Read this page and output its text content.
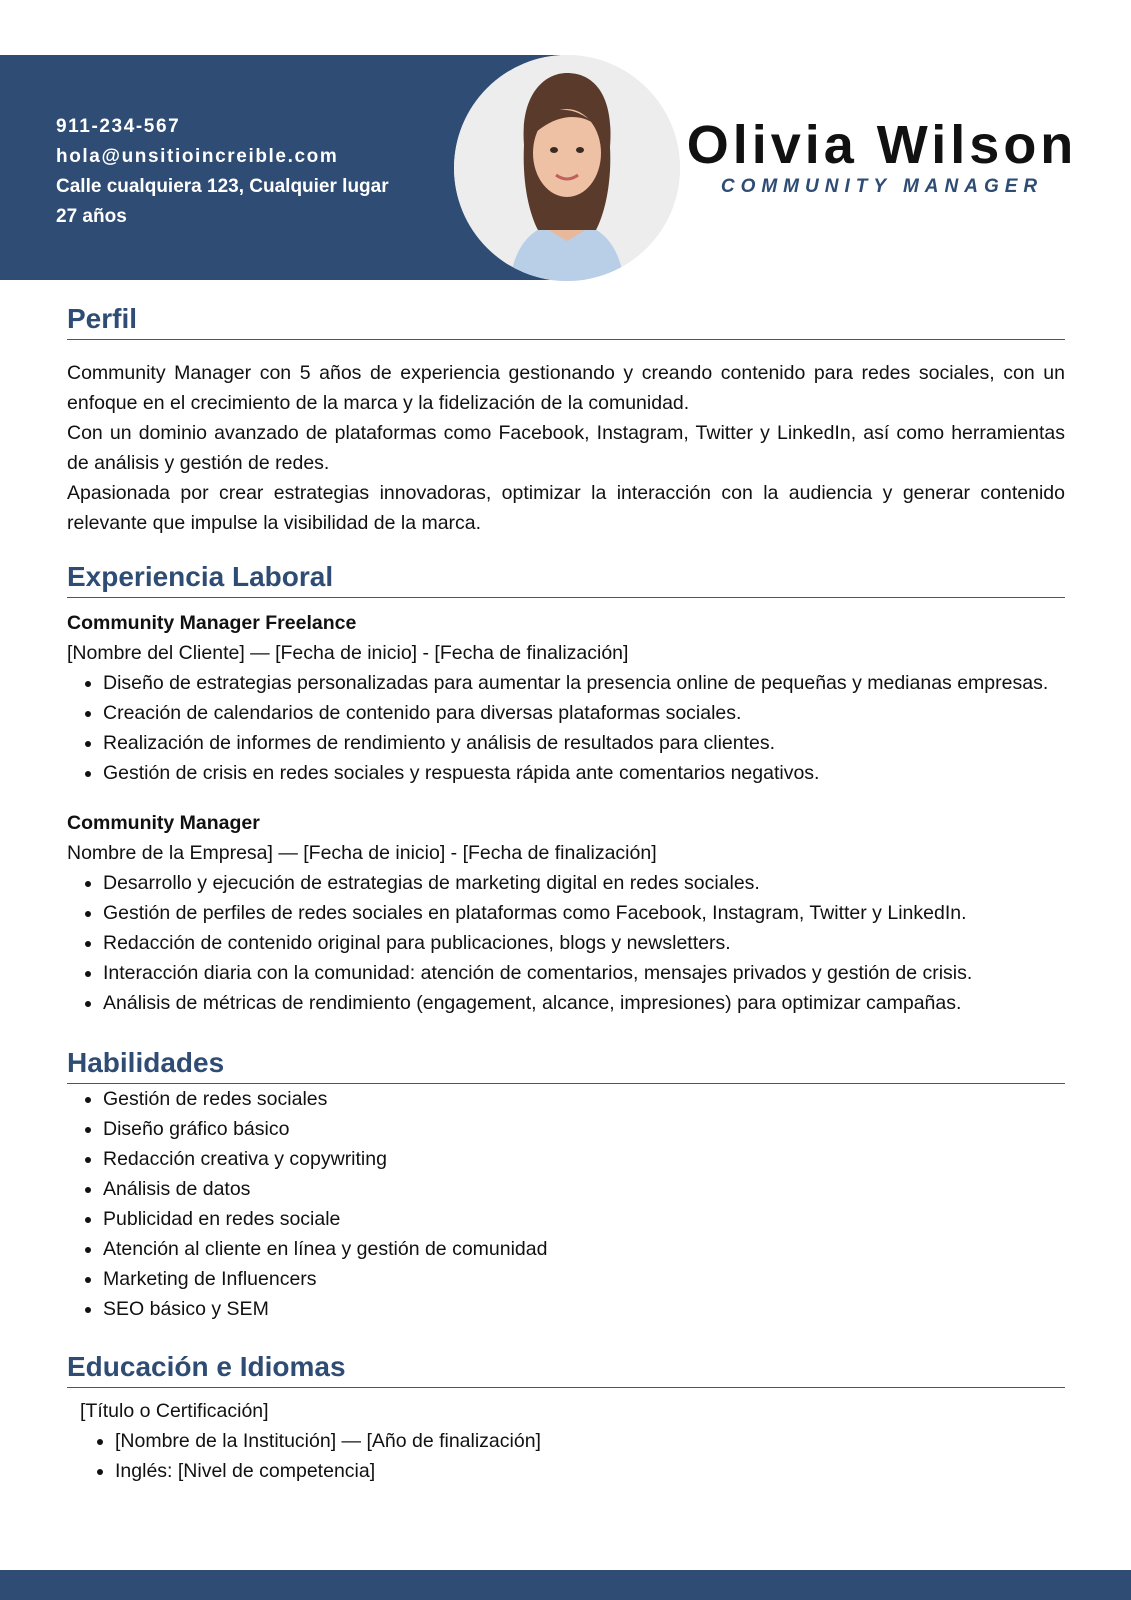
911-234-567
hola@unsitioincreible.com
Calle cualquiera 123, Cualquier lugar
27 años
Olivia Wilson
COMMUNITY MANAGER
Perfil

Community Manager con 5 años de experiencia gestionando y creando contenido para redes sociales, con un enfoque en el crecimiento de la marca y la fidelización de la comunidad.

Con un dominio avanzado de plataformas como Facebook, Instagram, Twitter y LinkedIn, así como herramientas de análisis y gestión de redes.

Apasionada por crear estrategias innovadoras, optimizar la interacción con la audiencia y generar contenido relevante que impulse la visibilidad de la marca.

Experiencia Laboral
Community Manager Freelance
[Nombre del Cliente] — [Fecha de inicio] - [Fecha de finalización]
• Diseño de estrategias personalizadas para aumentar la presencia online de pequeñas y medianas empresas.
• Creación de calendarios de contenido para diversas plataformas sociales.
• Realización de informes de rendimiento y análisis de resultados para clientes.
• Gestión de crisis en redes sociales y respuesta rápida ante comentarios negativos.
Community Manager
Nombre de la Empresa] — [Fecha de inicio] - [Fecha de finalización]
• Desarrollo y ejecución de estrategias de marketing digital en redes sociales.
• Gestión de perfiles de redes sociales en plataformas como Facebook, Instagram, Twitter y LinkedIn.
• Redacción de contenido original para publicaciones, blogs y newsletters.
• Interacción diaria con la comunidad: atención de comentarios, mensajes privados y gestión de crisis.
• Análisis de métricas de rendimiento (engagement, alcance, impresiones) para optimizar campañas.
Habilidades
• Gestión de redes sociales
• Diseño gráfico básico
• Redacción creativa y copywriting
• Análisis de datos
• Publicidad en redes sociale
• Atención al cliente en línea y gestión de comunidad
• Marketing de Influencers
• SEO básico y SEM
Educación e Idiomas
[Título o Certificación]
• [Nombre de la Institución] — [Año de finalización]
• Inglés: [Nivel de competencia]
